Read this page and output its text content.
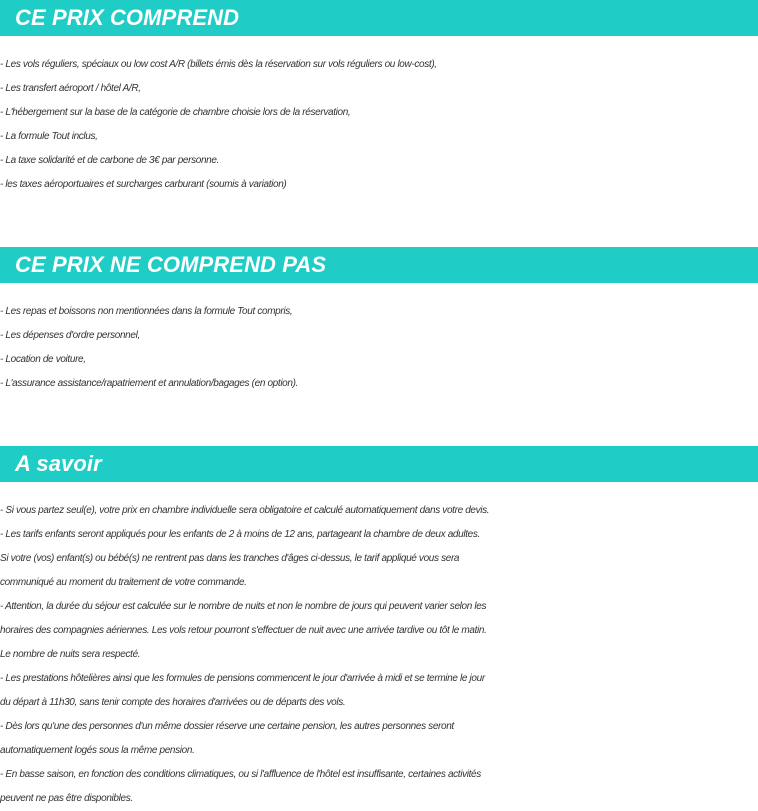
CE PRIX COMPREND
- Les vols réguliers, spéciaux ou low cost A/R (billets émis dès la réservation sur vols réguliers ou low-cost),
- Les transfert aéroport / hôtel A/R,
- L'hébergement sur la base de la catégorie de chambre choisie lors de la réservation,
- La formule Tout inclus,
- La taxe solidarité et de carbone de 3€ par personne.
- les taxes aéroportuaires et surcharges carburant (soumis à variation)
CE PRIX NE COMPREND PAS
- Les repas et boissons non mentionnées dans la formule Tout compris,
- Les dépenses d'ordre personnel,
- Location de voiture,
- L'assurance assistance/rapatriement et annulation/bagages (en option).
A savoir
- Si vous partez seul(e), votre prix en chambre individuelle sera obligatoire et calculé automatiquement dans votre devis.
- Les tarifs enfants seront appliqués pour les enfants de 2 à moins de 12 ans, partageant la chambre de deux adultes.
Si votre (vos) enfant(s) ou bébé(s) ne rentrent pas dans les tranches d'âges ci-dessus, le tarif appliqué vous sera
communiqué au moment du traitement de votre commande.
- Attention, la durée du séjour est calculée sur le nombre de nuits et non le nombre de jours qui peuvent varier selon les
horaires des compagnies aériennes. Les vols retour pourront s'effectuer de nuit avec une arrivée tardive ou tôt le matin.
Le nombre de nuits sera respecté.
- Les prestations hôtelières ainsi que les formules de pensions commencent le jour d'arrivée à midi et se termine le jour
du départ à 11h30, sans tenir compte des horaires d'arrivées ou de départs des vols.
- Dès lors qu'une des personnes d'un même dossier réserve une certaine pension, les autres personnes seront
automatiquement logés sous la même pension.
- En basse saison, en fonction des conditions climatiques, ou si l'affluence de l'hôtel est insuffisante, certaines activités
peuvent ne pas être disponibles.
